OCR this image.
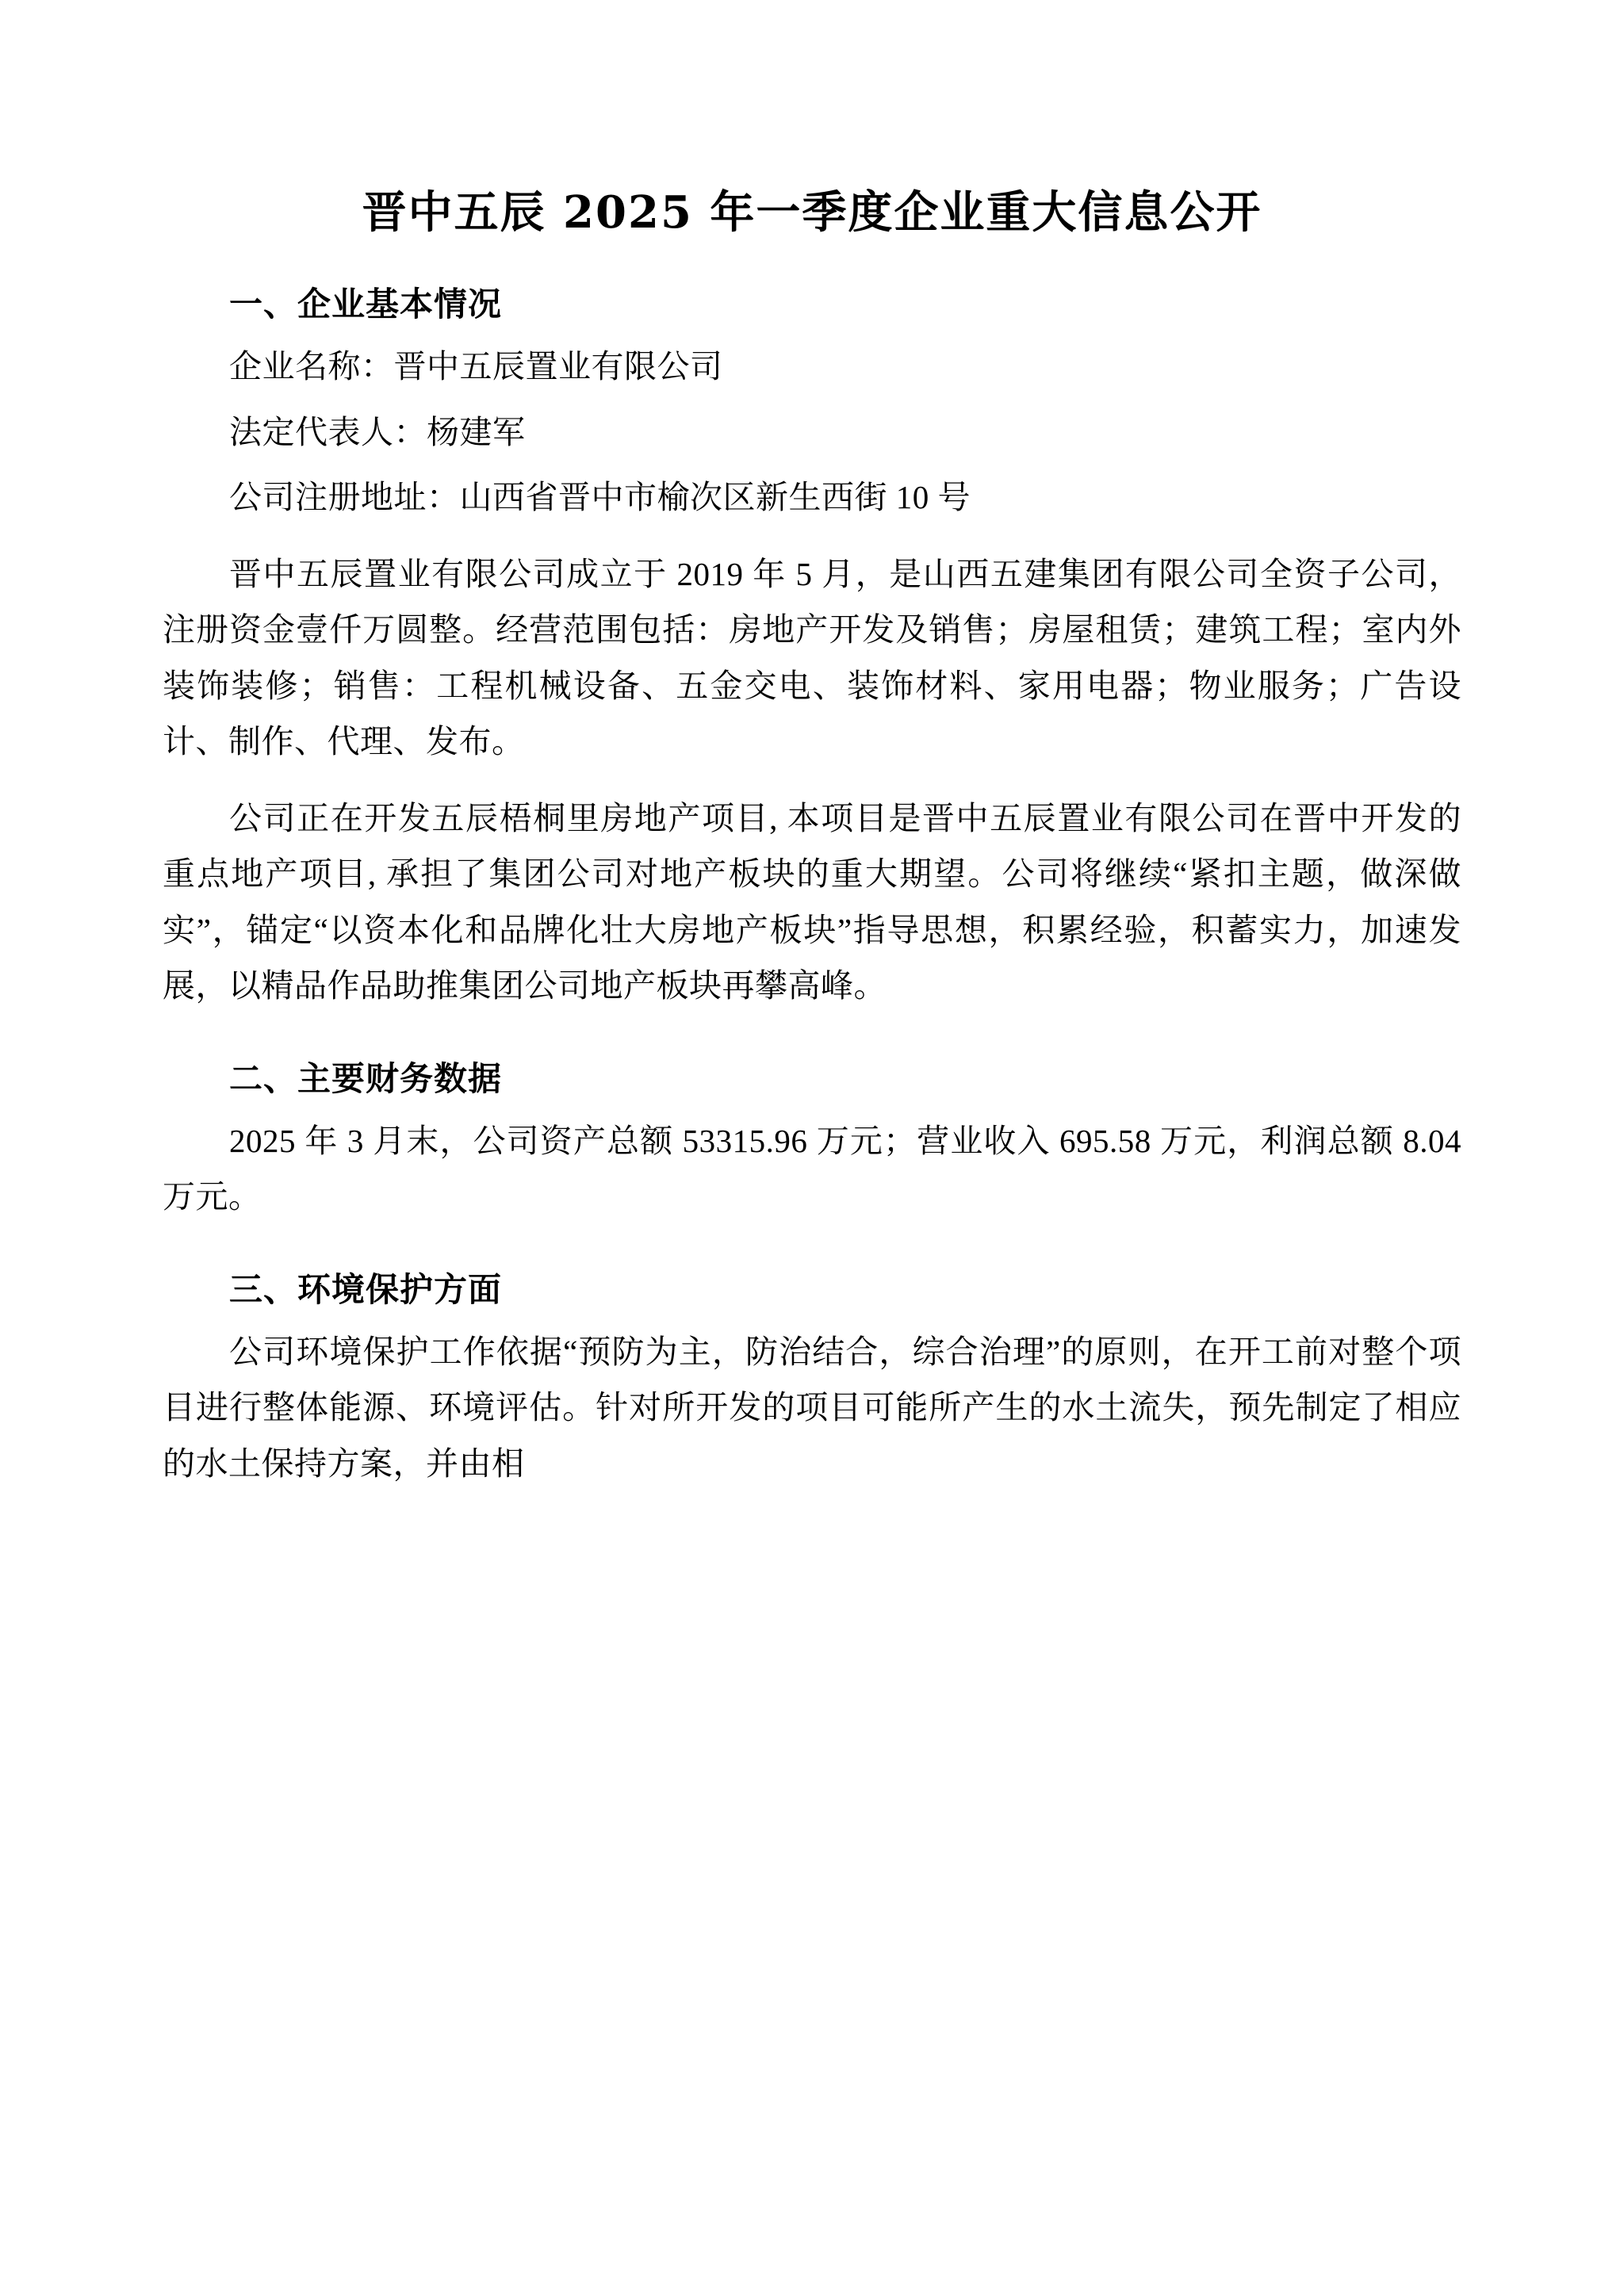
晋中五辰 2025 年一季度企业重大信息公开
一、企业基本情况

企业名称：晋中五辰置业有限公司

法定代表人：杨建军

公司注册地址：山西省晋中市榆次区新生西街 10 号

晋中五辰置业有限公司成立于 2019 年 5 月，是山西五建集团有限公司全资子公司，注册资金壹仟万圆整。经营范围包括：房地产开发及销售；房屋租赁；建筑工程；室内外装饰装修；销售：工程机械设备、五金交电、装饰材料、家用电器；物业服务；广告设计、制作、代理、发布。

公司正在开发五辰梧桐里房地产项目, 本项目是晋中五辰置业有限公司在晋中开发的重点地产项目, 承担了集团公司对地产板块的重大期望。公司将继续“紧扣主题，做深做实”，锚定“以资本化和品牌化壮大房地产板块”指导思想，积累经验，积蓄实力，加速发展，以精品作品助推集团公司地产板块再攀高峰。

二、主要财务数据

2025 年 3 月末，公司资产总额 53315.96 万元；营业收入 695.58 万元，利润总额 8.04 万元。

三、环境保护方面

公司环境保护工作依据“预防为主，防治结合，综合治理”的原则，在开工前对整个项目进行整体能源、环境评估。针对所开发的项目可能所产生的水土流失，预先制定了相应的水土保持方案，并由相
